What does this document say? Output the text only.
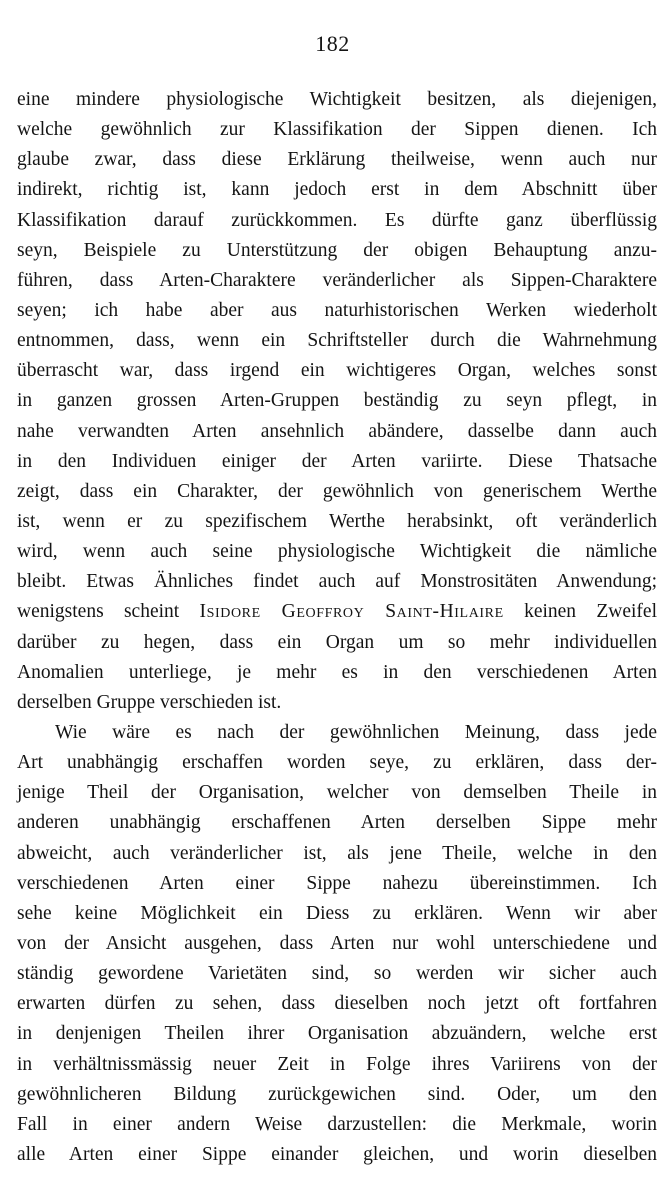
182
eine mindere physiologische Wichtigkeit besitzen, als diejenigen,
welche gewöhnlich zur Klassifikation der Sippen dienen. Ich
glaube zwar, dass diese Erklärung theilweise, wenn auch nur
indirekt, richtig ist, kann jedoch erst in dem Abschnitt über
Klassifikation darauf zurückkommen. Es dürfte ganz überflüssig
seyn, Beispiele zu Unterstützung der obigen Behauptung anzu-
führen, dass Arten-Charaktere veränderlicher als Sippen-Charaktere
seyen; ich habe aber aus naturhistorischen Werken wiederholt
entnommen, dass, wenn ein Schriftsteller durch die Wahrnehmung
überrascht war, dass irgend ein wichtigeres Organ, welches sonst
in ganzen grossen Arten-Gruppen beständig zu seyn pflegt, in
nahe verwandten Arten ansehnlich abändere, dasselbe dann auch
in den Individuen einiger der Arten variirte. Diese Thatsache
zeigt, dass ein Charakter, der gewöhnlich von generischem Werthe
ist, wenn er zu spezifischem Werthe herabsinkt, oft veränderlich
wird, wenn auch seine physiologische Wichtigkeit die nämliche
bleibt. Etwas Ähnliches findet auch auf Monstrositäten Anwendung;
wenigstens scheint Isidore Geoffroy Saint-Hilaire keinen Zweifel
darüber zu hegen, dass ein Organ um so mehr individuellen
Anomalien unterliege, je mehr es in den verschiedenen Arten
derselben Gruppe verschieden ist.
Wie wäre es nach der gewöhnlichen Meinung, dass jede
Art unabhängig erschaffen worden seye, zu erklären, dass der-
jenige Theil der Organisation, welcher von demselben Theile in
anderen unabhängig erschaffenen Arten derselben Sippe mehr
abweicht, auch veränderlicher ist, als jene Theile, welche in den
verschiedenen Arten einer Sippe nahezu übereinstimmen. Ich
sehe keine Möglichkeit ein Diess zu erklären. Wenn wir aber
von der Ansicht ausgehen, dass Arten nur wohl unterschiedene und
ständig gewordene Varietäten sind, so werden wir sicher auch
erwarten dürfen zu sehen, dass dieselben noch jetzt oft fortfahren
in denjenigen Theilen ihrer Organisation abzuändern, welche erst
in verhältnissmässig neuer Zeit in Folge ihres Variirens von der
gewöhnlicheren Bildung zurückgewichen sind. Oder, um den
Fall in einer andern Weise darzustellen: die Merkmale, worin
alle Arten einer Sippe einander gleichen, und worin dieselben
